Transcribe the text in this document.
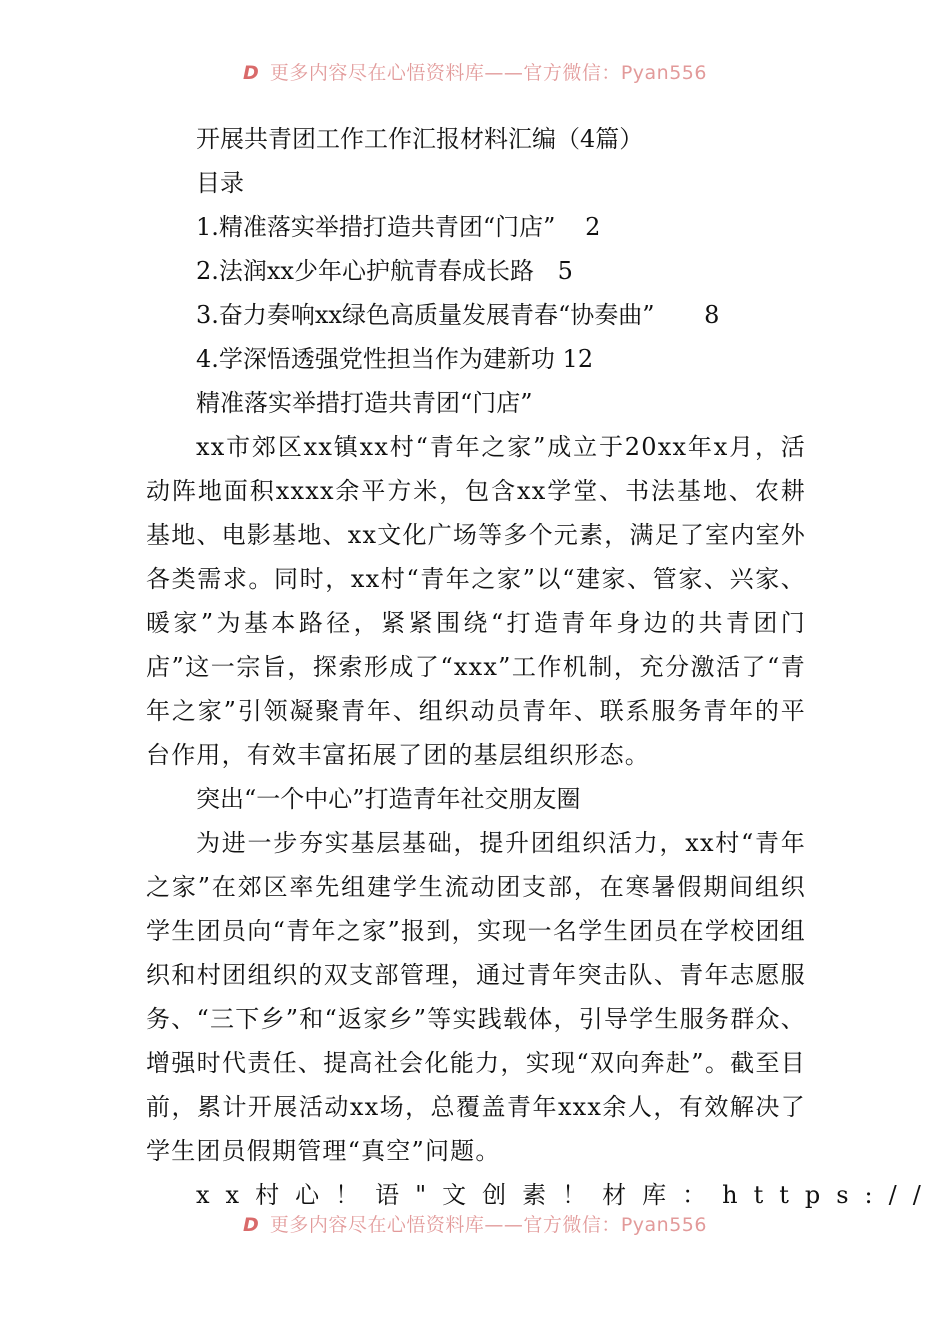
D 更多内容尽在心悟资料库——官方微信：Pyan556
开展共青团工作工作汇报材料汇编（4篇）
目录
1.精准落实举措打造共青团“门店” 2
2.法润xx少年心护航青春成长路 5
3.奋力奏响xx绿色高质量发展青春“协奏曲” 8
4.学深悟透强党性担当作为建新功 12
精准落实举措打造共青团“门店”

xx市郊区xx镇xx村“青年之家”成立于20xx年x月，活动阵地面积xxxx余平方米，包含xx学堂、书法基地、农耕基地、电影基地、xx文化广场等多个元素，满足了室内室外各类需求。同时，xx村“青年之家”以“建家、管家、兴家、暖家”为基本路径，紧紧围绕“打造青年身边的共青团门店”这一宗旨，探索形成了“xxx”工作机制，充分激活了“青年之家”引领凝聚青年、组织动员青年、联系服务青年的平台作用，有效丰富拓展了团的基层组织形态。

突出“一个中心”打造青年社交朋友圈

为进一步夯实基层基础，提升团组织活力，xx村“青年之家”在郊区率先组建学生流动团支部，在寒暑假期间组织学生团员向“青年之家”报到，实现一名学生团员在学校团组织和村团组织的双支部管理，通过青年突击队、青年志愿服务、“三下乡”和“返家乡”等实践载体，引导学生服务群众、增强时代责任、提高社会化能力，实现“双向奔赴”。截至目前，累计开展活动xx场，总覆盖青年xxx余人，有效解决了学生团员假期管理“真空”问题。

xx村心！语"文创素！材库：https://
D 更多内容尽在心悟资料库——官方微信：Pyan556
